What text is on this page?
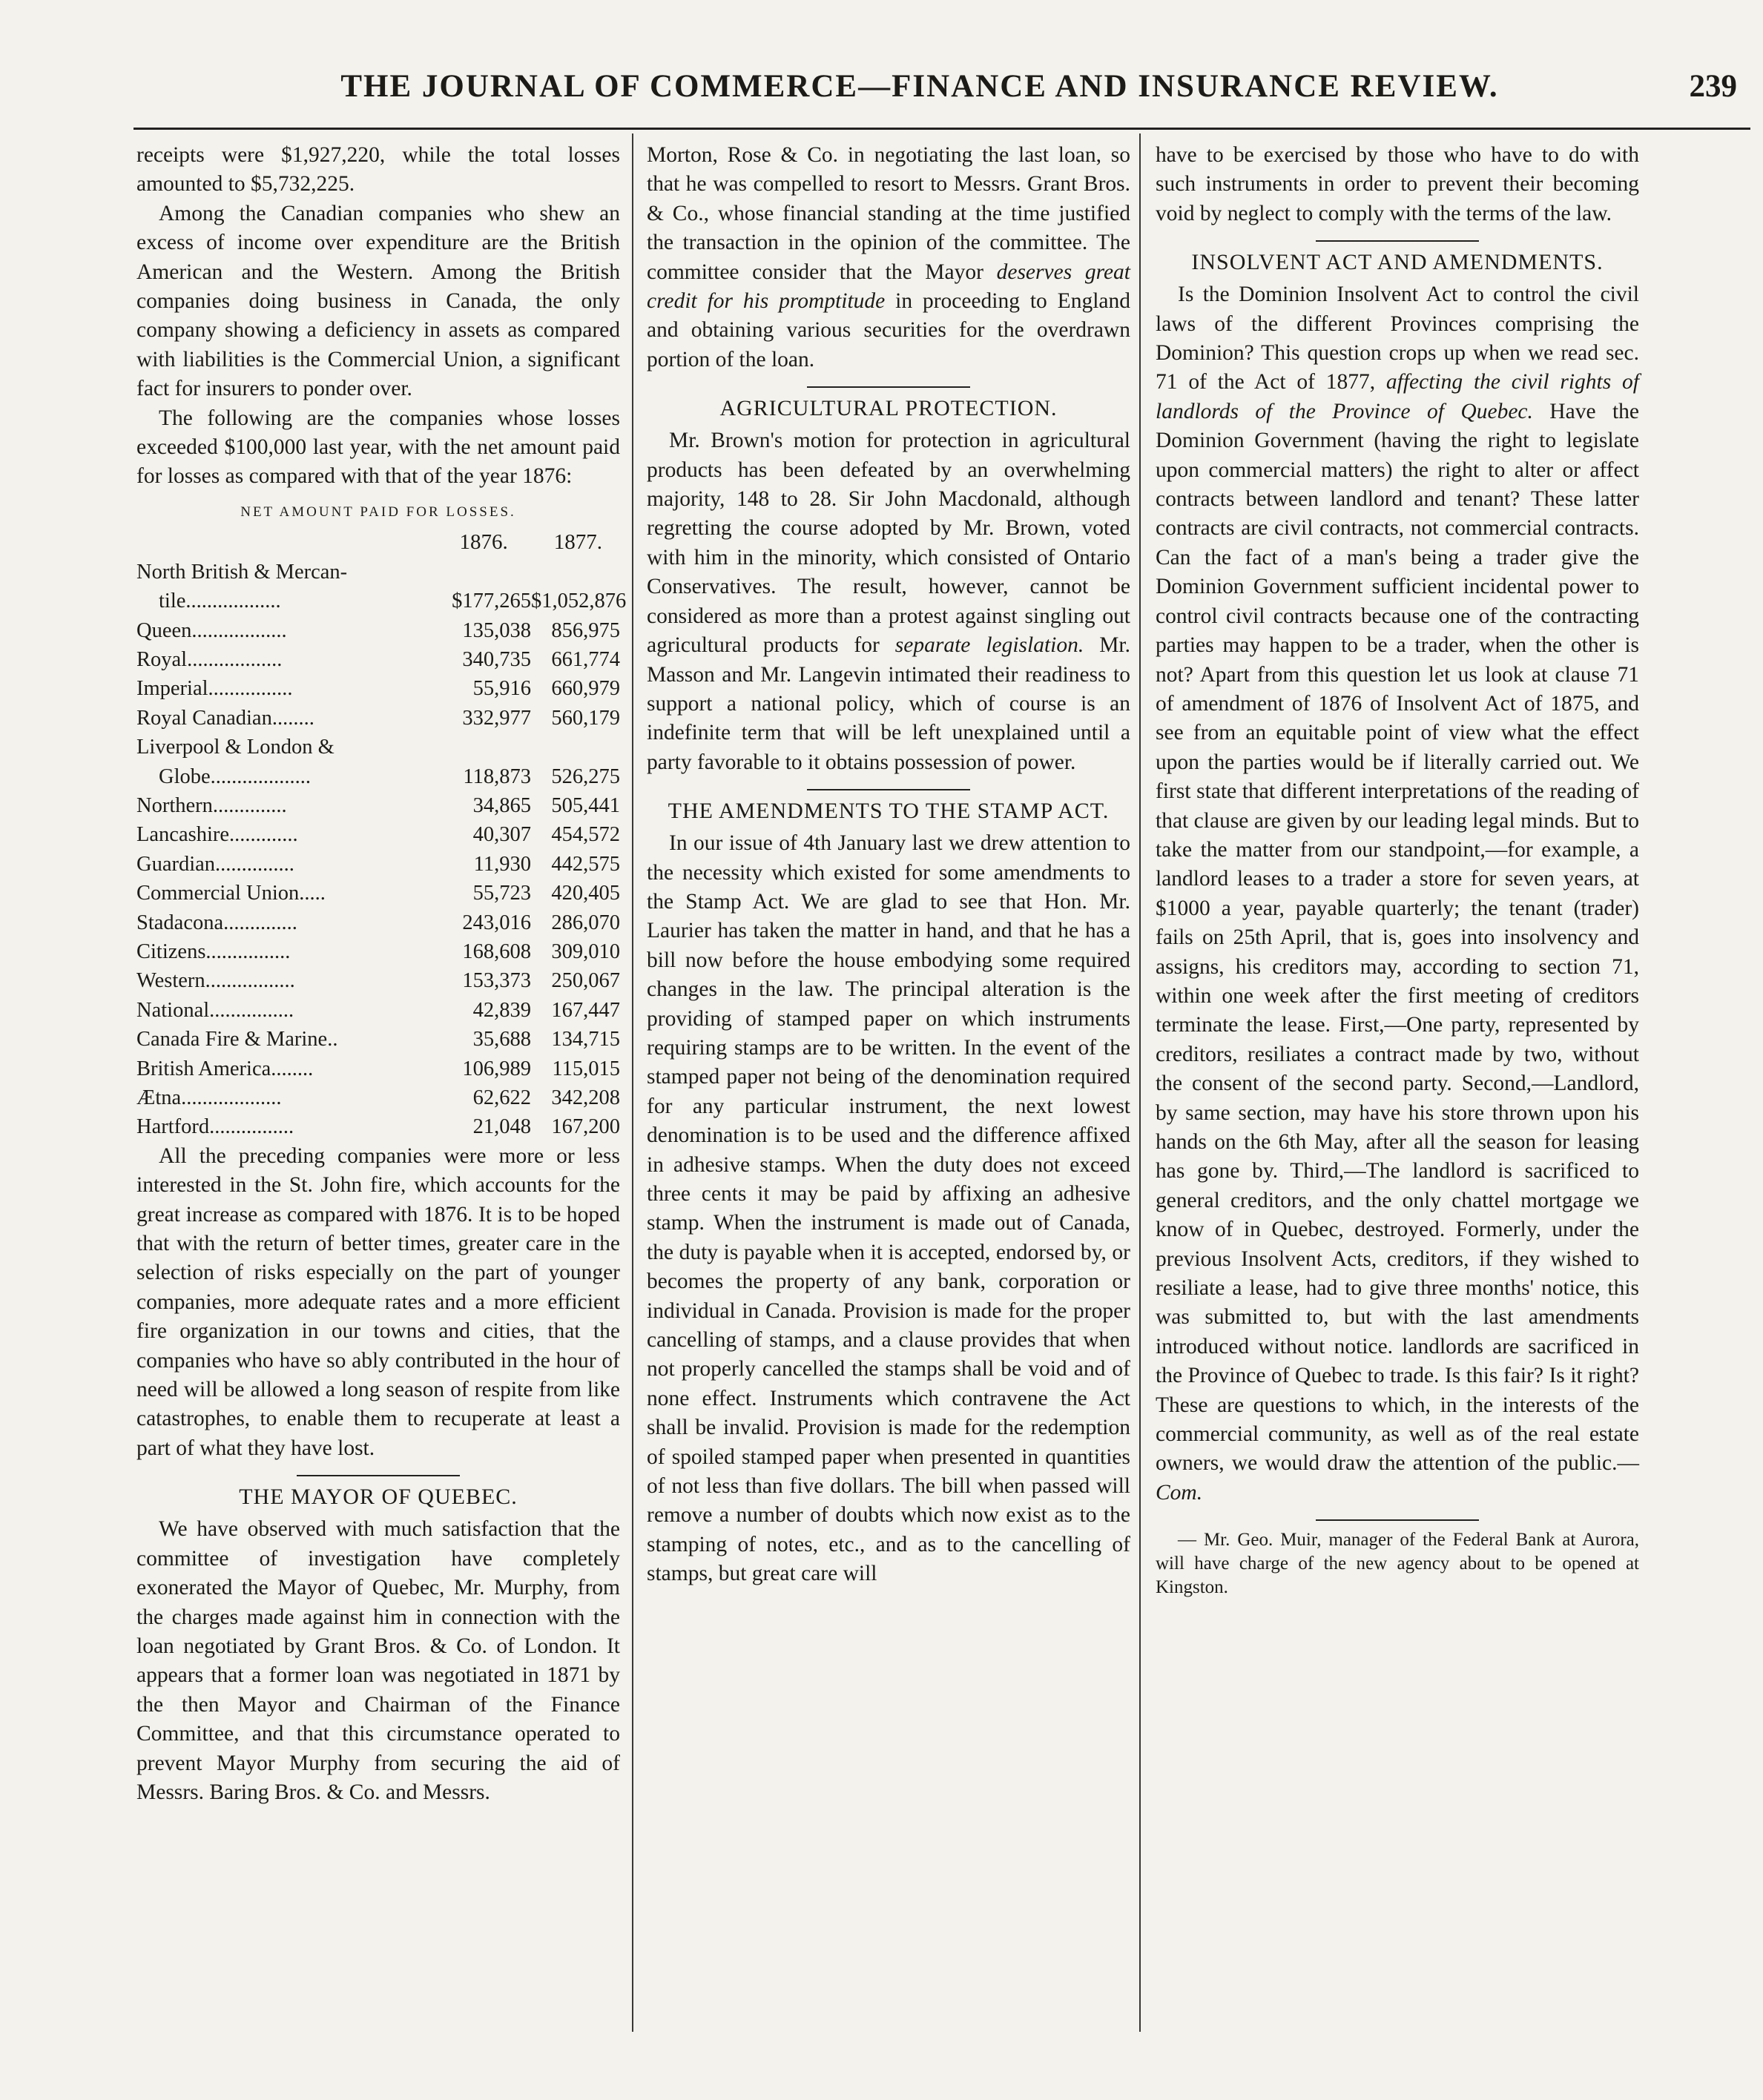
THE JOURNAL OF COMMERCE—FINANCE AND INSURANCE REVIEW.	239

receipts were $1,927,220, while the total losses amounted to $5,732,225.

Among the Canadian companies who shew an excess of income over expenditure are the British American and the Western. Among the British companies doing business in Canada, the only company showing a deficiency in assets as compared with liabilities is the Commercial Union, a significant fact for insurers to ponder over.

The following are the companies whose losses exceeded $100,000 last year, with the net amount paid for losses as compared with that of the year 1876:

NET AMOUNT PAID FOR LOSSES.
1876. 1877.
North British & Mercan-
tile..................	$177,265 $1,052,876
Queen..................	135,038 856,975
Royal..................	340,735 661,774
Imperial................	55,916 660,979
Royal Canadian........	332,977 560,179
Liverpool & London &
Globe...................	118,873 526,275
Northern..............	34,865 505,441
Lancashire.............	40,307 454,572
Guardian...............	11,930 442,575
Commercial Union.....	55,723 420,405
Stadacona..............	243,016 286,070
Citizens................	168,608 309,010
Western.................	153,373 250,067
National................	42,839 167,447
Canada Fire & Marine..	35,688 134,715
British America........	106,989 115,015
Ætna...................	62,622 342,208
Hartford................	21,048 167,200

All the preceding companies were more or less interested in the St. John fire, which accounts for the great increase as compared with 1876. It is to be hoped that with the return of better times, greater care in the selection of risks especially on the part of younger companies, more adequate rates and a more efficient fire organization in our towns and cities, that the companies who have so ably contributed in the hour of need will be allowed a long season of respite from like catastrophes, to enable them to recuperate at least a part of what they have lost.

THE MAYOR OF QUEBEC.

We have observed with much satisfaction that the committee of investigation have completely exonerated the Mayor of Quebec, Mr. Murphy, from the charges made against him in connection with the loan negotiated by Grant Bros. & Co. of London. It appears that a former loan was negotiated in 1871 by the then Mayor and Chairman of the Finance Committee, and that this circumstance operated to prevent Mayor Murphy from securing the aid of Messrs. Baring Bros. & Co. and Messrs.

Morton, Rose & Co. in negotiating the last loan, so that he was compelled to resort to Messrs. Grant Bros. & Co., whose financial standing at the time justified the transaction in the opinion of the committee. The committee consider that the Mayor deserves great credit for his promptitude in proceeding to England and obtaining various securities for the overdrawn portion of the loan.

AGRICULTURAL PROTECTION.

Mr. Brown's motion for protection in agricultural products has been defeated by an overwhelming majority, 148 to 28. Sir John Macdonald, although regretting the course adopted by Mr. Brown, voted with him in the minority, which consisted of Ontario Conservatives. The result, however, cannot be considered as more than a protest against singling out agricultural products for separate legislation. Mr. Masson and Mr. Langevin intimated their readiness to support a national policy, which of course is an indefinite term that will be left unexplained until a party favorable to it obtains possession of power.

THE AMENDMENTS TO THE STAMP ACT.

In our issue of 4th January last we drew attention to the necessity which existed for some amendments to the Stamp Act. We are glad to see that Hon. Mr. Laurier has taken the matter in hand, and that he has a bill now before the house embodying some required changes in the law. The principal alteration is the providing of stamped paper on which instruments requiring stamps are to be written. In the event of the stamped paper not being of the denomination required for any particular instrument, the next lowest denomination is to be used and the difference affixed in adhesive stamps. When the duty does not exceed three cents it may be paid by affixing an adhesive stamp. When the instrument is made out of Canada, the duty is payable when it is accepted, endorsed by, or becomes the property of any bank, corporation or individual in Canada. Provision is made for the proper cancelling of stamps, and a clause provides that when not properly cancelled the stamps shall be void and of none effect. Instruments which contravene the Act shall be invalid. Provision is made for the redemption of spoiled stamped paper when presented in quantities of not less than five dollars. The bill when passed will remove a number of doubts which now exist as to the stamping of notes, etc., and as to the cancelling of stamps, but great care will

have to be exercised by those who have to do with such instruments in order to prevent their becoming void by neglect to comply with the terms of the law.

INSOLVENT ACT AND AMENDMENTS.

Is the Dominion Insolvent Act to control the civil laws of the different Provinces comprising the Dominion? This question crops up when we read sec. 71 of the Act of 1877, affecting the civil rights of landlords of the Province of Quebec. Have the Dominion Government (having the right to legislate upon commercial matters) the right to alter or affect contracts between landlord and tenant? These latter contracts are civil contracts, not commercial contracts. Can the fact of a man's being a trader give the Dominion Government sufficient incidental power to control civil contracts because one of the contracting parties may happen to be a trader, when the other is not? Apart from this question let us look at clause 71 of amendment of 1876 of Insolvent Act of 1875, and see from an equitable point of view what the effect upon the parties would be if literally carried out. We first state that different interpretations of the reading of that clause are given by our leading legal minds. But to take the matter from our standpoint,—for example, a landlord leases to a trader a store for seven years, at $1000 a year, payable quarterly; the tenant (trader) fails on 25th April, that is, goes into insolvency and assigns, his creditors may, according to section 71, within one week after the first meeting of creditors terminate the lease. First,—One party, represented by creditors, resiliates a contract made by two, without the consent of the second party. Second,—Landlord, by same section, may have his store thrown upon his hands on the 6th May, after all the season for leasing has gone by. Third,—The landlord is sacrificed to general creditors, and the only chattel mortgage we know of in Quebec, destroyed. Formerly, under the previous Insolvent Acts, creditors, if they wished to resiliate a lease, had to give three months' notice, this was submitted to, but with the last amendments introduced without notice. landlords are sacrificed in the Province of Quebec to trade. Is this fair? Is it right? These are questions to which, in the interests of the commercial community, as well as of the real estate owners, we would draw the attention of the public.—Com.

— Mr. Geo. Muir, manager of the Federal Bank at Aurora, will have charge of the new agency about to be opened at Kingston.
